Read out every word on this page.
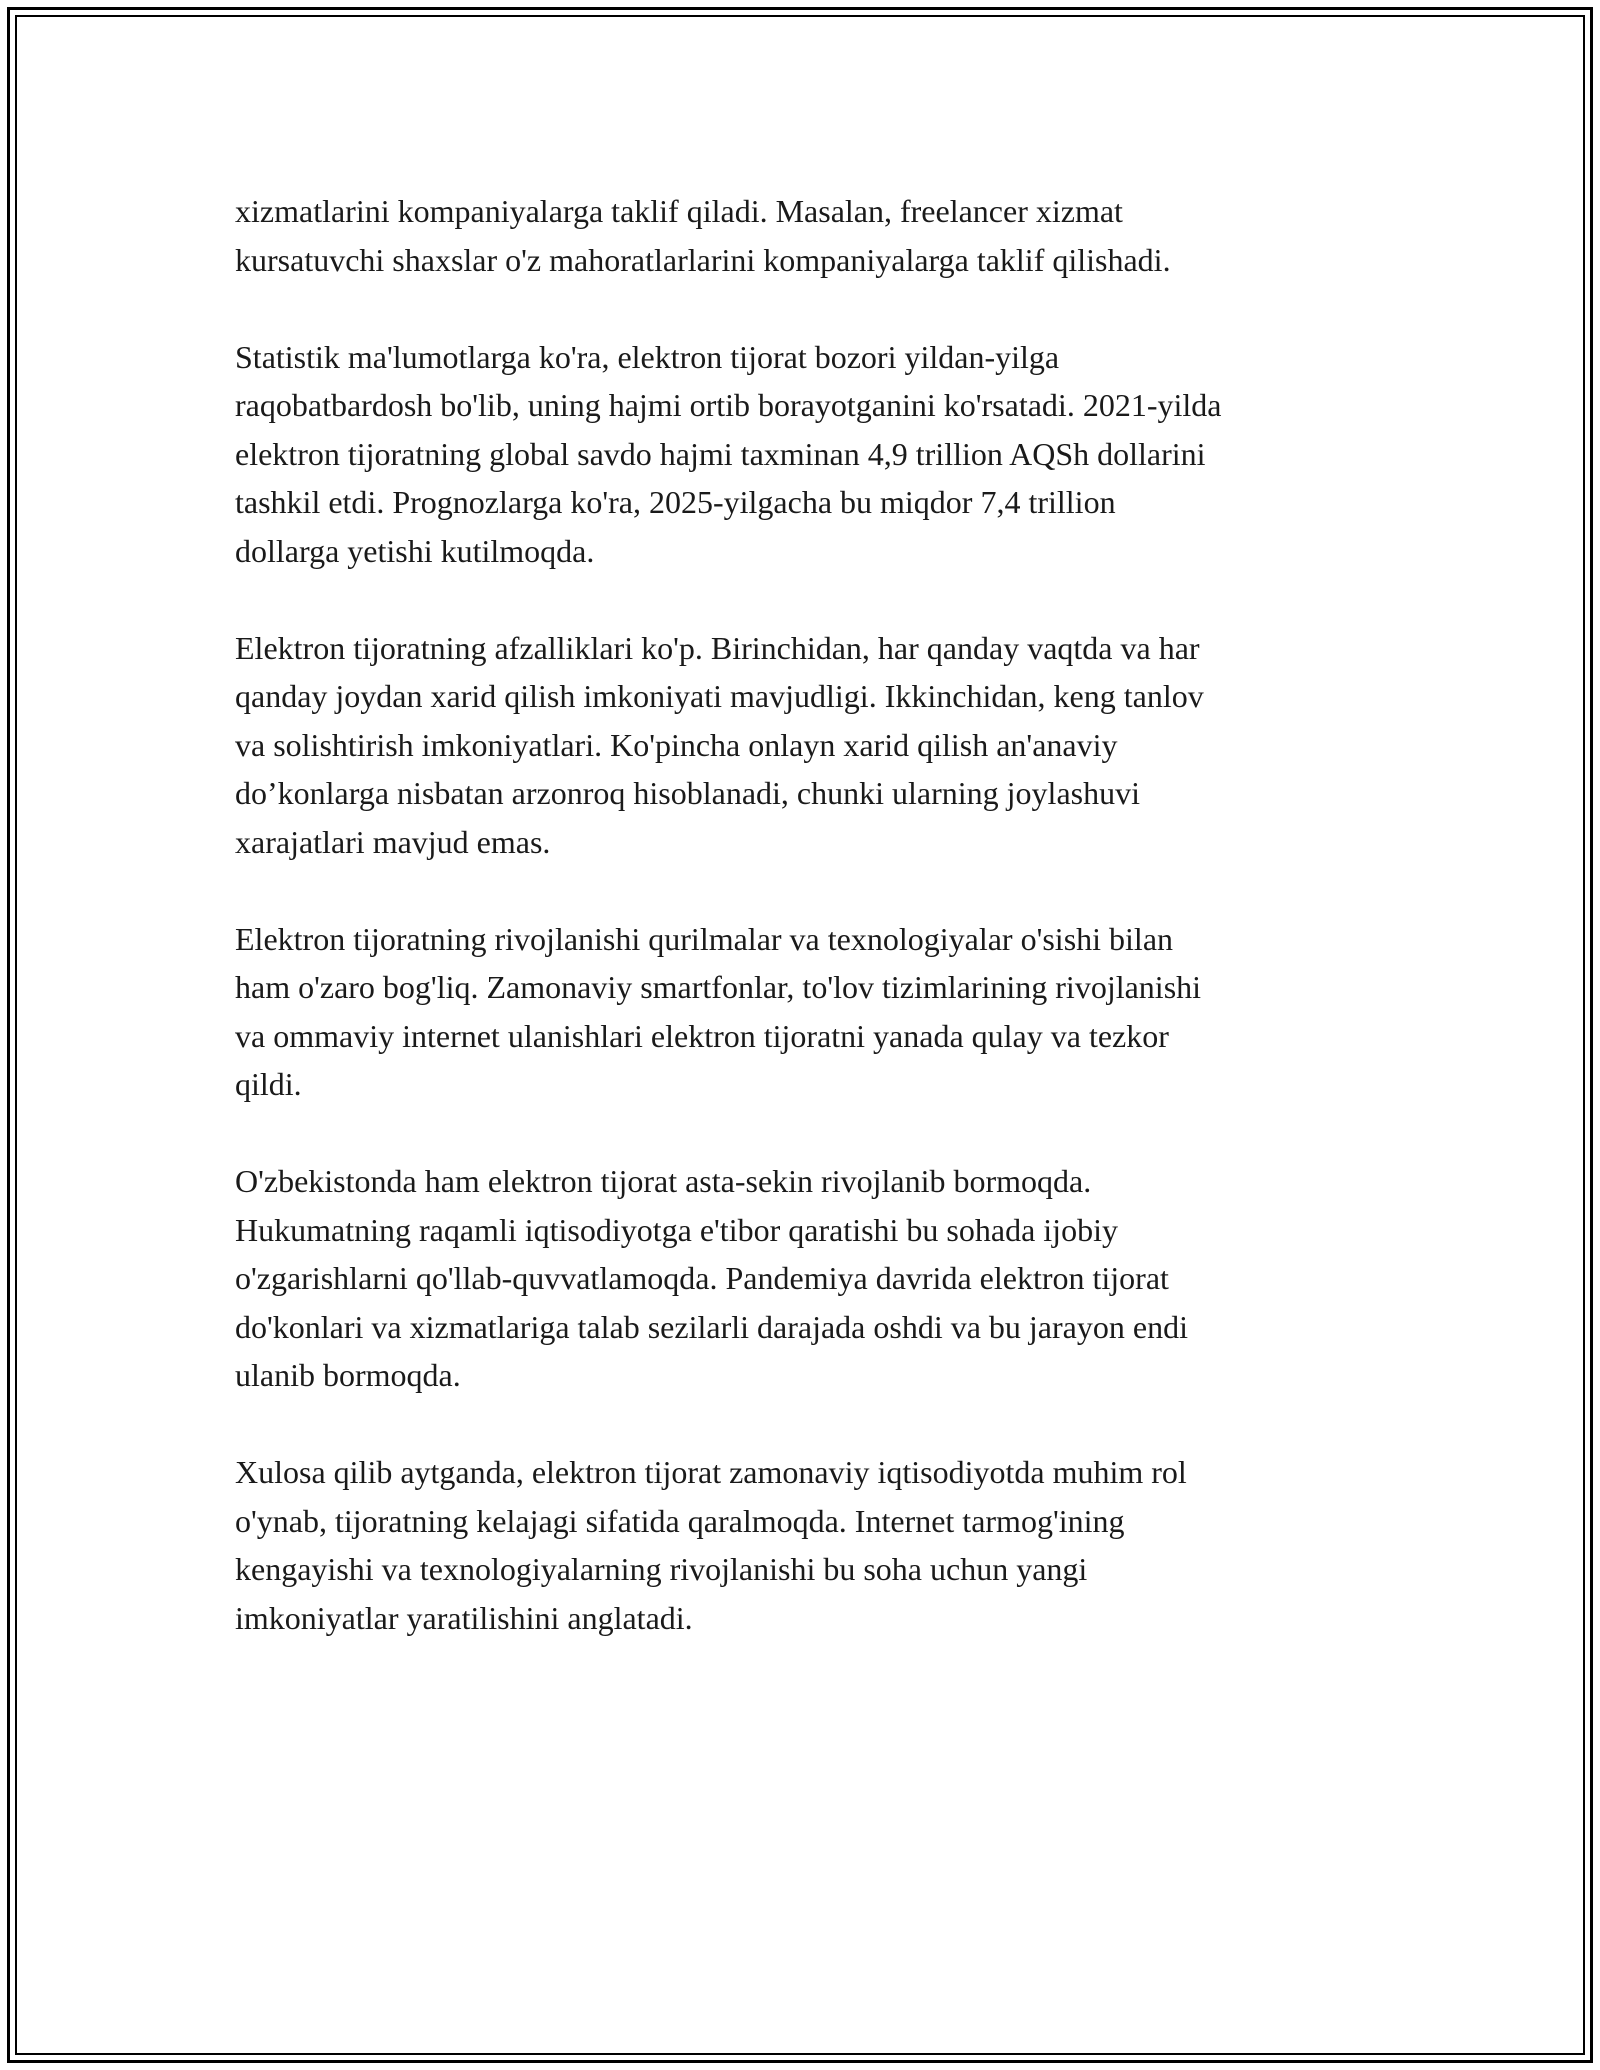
xizmatlarini kompaniyalarga taklif qiladi. Masalan, freelancer xizmat
kursatuvchi shaxslar o'z mahoratlarlarini kompaniyalarga taklif qilishadi.

Statistik ma'lumotlarga ko'ra, elektron tijorat bozori yildan-yilga
raqobatbardosh bo'lib, uning hajmi ortib borayotganini ko'rsatadi. 2021-yilda
elektron tijoratning global savdo hajmi taxminan 4,9 trillion AQSh dollarini
tashkil etdi. Prognozlarga ko'ra, 2025-yilgacha bu miqdor 7,4 trillion
dollarga yetishi kutilmoqda.

Elektron tijoratning afzalliklari ko'p. Birinchidan, har qanday vaqtda va har
qanday joydan xarid qilish imkoniyati mavjudligi. Ikkinchidan, keng tanlov
va solishtirish imkoniyatlari. Ko'pincha onlayn xarid qilish an'anaviy
do’konlarga nisbatan arzonroq hisoblanadi, chunki ularning joylashuvi
xarajatlari mavjud emas.

Elektron tijoratning rivojlanishi qurilmalar va texnologiyalar o'sishi bilan
ham o'zaro bog'liq. Zamonaviy smartfonlar, to'lov tizimlarining rivojlanishi
va ommaviy internet ulanishlari elektron tijoratni yanada qulay va tezkor
qildi.

O'zbekistonda ham elektron tijorat asta-sekin rivojlanib bormoqda.
Hukumatning raqamli iqtisodiyotga e'tibor qaratishi bu sohada ijobiy
o'zgarishlarni qo'llab-quvvatlamoqda. Pandemiya davrida elektron tijorat
do'konlari va xizmatlariga talab sezilarli darajada oshdi va bu jarayon endi
ulanib bormoqda.

Xulosa qilib aytganda, elektron tijorat zamonaviy iqtisodiyotda muhim rol
o'ynab, tijoratning kelajagi sifatida qaralmoqda. Internet tarmog'ining
kengayishi va texnologiyalarning rivojlanishi bu soha uchun yangi
imkoniyatlar yaratilishini anglatadi.
